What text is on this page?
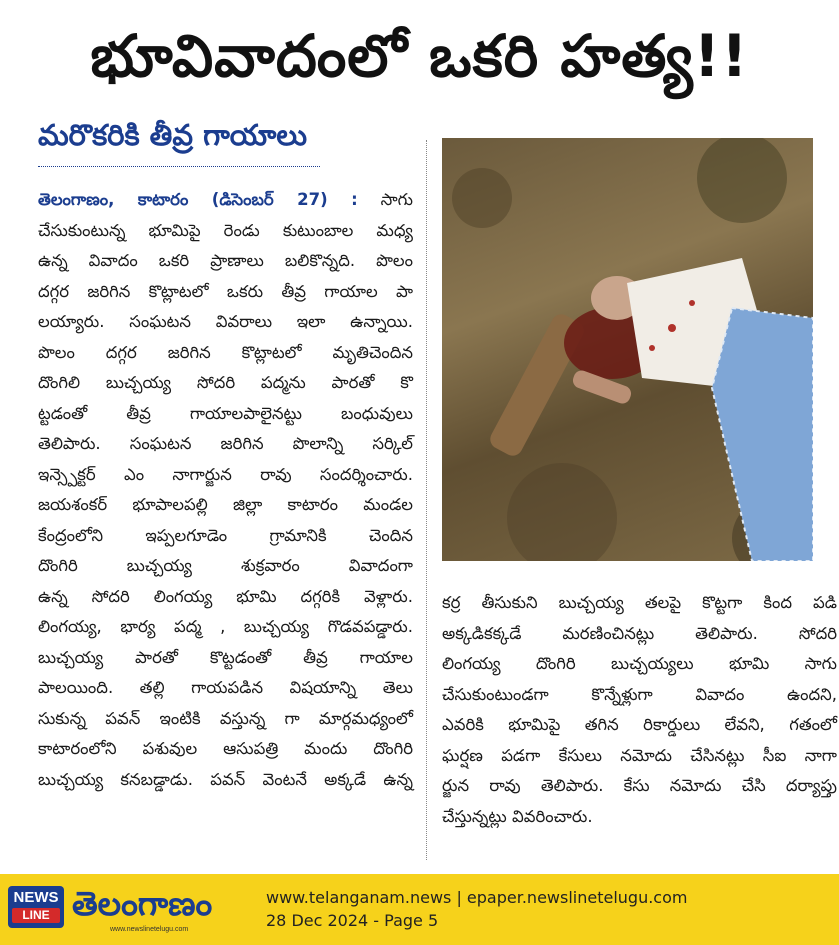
భూవివాదంలో ఒకరి హత్య!!
మరొకరికి తీవ్ర గాయాలు
తెలంగాణం, కాటారం (డిసెంబర్ 27) : సాగు
చేసుకుంటున్న భూమిపై రెండు కుటుంబాల మధ్య
ఉన్న వివాదం ఒకరి ప్రాణాలు బలికొన్నది. పొలం
దగ్గర జరిగిన కొట్లాటలో ఒకరు తీవ్ర గాయాల పా
లయ్యారు. సంఘటన వివరాలు ఇలా ఉన్నాయి.
పొలం దగ్గర జరిగిన కొట్లాటలో మృతిచెందిన
దొంగిలి బుచ్చయ్య సోదరి పద్మను పారతో కొ
ట్టడంతో తీవ్ర గాయాలపాలైనట్టు బంధువులు
తెలిపారు. సంఘటన జరిగిన పొలాన్ని సర్కిల్
ఇన్స్పెక్టర్ ఎం నాగార్జున రావు సందర్శించారు.
జయశంకర్ భూపాలపల్లి జిల్లా కాటారం మండల
కేంద్రంలోని ఇప్పలగూడెం గ్రామానికి చెందిన
దొంగిరి బుచ్చయ్య శుక్రవారం వివాదంగా
ఉన్న సోదరి లింగయ్య భూమి దగ్గరికి వెళ్లారు.
లింగయ్య, భార్య పద్మ , బుచ్చయ్య గొడవపడ్డారు.
బుచ్చయ్య పారతో కొట్టడంతో తీవ్ర గాయాల
పాలయింది. తల్లి గాయపడిన విషయాన్ని తెలు
సుకున్న పవన్ ఇంటికి వస్తున్న గా మార్గమధ్యంలో
కాటారంలోని పశువుల ఆసుపత్రి మందు దొంగిరి
బుచ్చయ్య కనబడ్డాడు. పవన్ వెంటనే అక్కడే ఉన్న
కర్ర తీసుకుని బుచ్చయ్య తలపై కొట్టగా కింద పడి
అక్కడికక్కడే మరణించినట్లు తెలిపారు. సోదరి
లింగయ్య దొంగిరి బుచ్చయ్యలు భూమి సాగు
చేసుకుంటుండగా కొన్నేళ్లుగా వివాదం ఉందని,
ఎవరికి భూమిపై తగిన రికార్డులు లేవని, గతంలో
ఘర్షణ పడగా కేసులు నమోదు చేసినట్లు సీఐ నాగా
ర్జున రావు తెలిపారు. కేసు నమోదు చేసి దర్యాప్తు
చేస్తున్నట్లు వివరించారు.
NEWS
LINE తెలంగాణం
www.newslinetelugu.com
www.telanganam.news | epaper.newslinetelugu.com
28 Dec 2024 - Page 5
